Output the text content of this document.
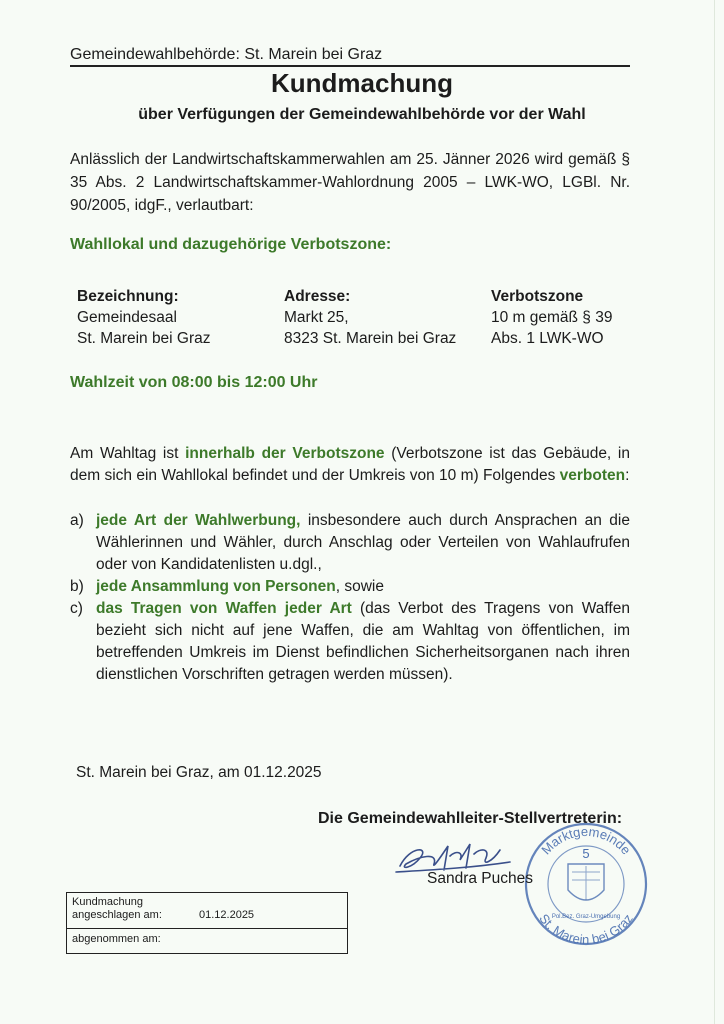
Gemeindewahlbehörde: St. Marein bei Graz
Kundmachung
über Verfügungen der Gemeindewahlbehörde vor der Wahl
Anlässlich der Landwirtschaftskammerwahlen am 25. Jänner 2026 wird gemäß § 35 Abs. 2 Landwirtschaftskammer-Wahlordnung 2005 – LWK-WO, LGBl. Nr. 90/2005, idgF., verlautbart:
Wahllokal und dazugehörige Verbotszone:
Bezeichnung:
Gemeindesaal
St. Marein bei Graz
Adresse:
Markt 25,
8323 St. Marein bei Graz
Verbotszone
10 m gemäß § 39
Abs. 1 LWK-WO
Wahlzeit von 08:00 bis 12:00 Uhr
Am Wahltag ist innerhalb der Verbotszone (Verbotszone ist das Gebäude, in dem sich ein Wahllokal befindet und der Umkreis von 10 m) Folgendes verboten:
a) jede Art der Wahlwerbung, insbesondere auch durch Ansprachen an die Wählerinnen und Wähler, durch Anschlag oder Verteilen von Wahlaufrufen oder von Kandidatenlisten u.dgl.,
b) jede Ansammlung von Personen, sowie
c) das Tragen von Waffen jeder Art (das Verbot des Tragens von Waffen bezieht sich nicht auf jene Waffen, die am Wahltag von öffentlichen, im betreffenden Umkreis im Dienst befindlichen Sicherheitsorganen nach ihren dienstlichen Vorschriften getragen werden müssen).
St. Marein bei Graz, am 01.12.2025
Die Gemeindewahlleiter-Stellvertreterin:
Marktgemeinde
St. Marein bei Graz
5
Pol.Bez. Graz-Umgebung
Sandra Puches
Kundmachung
angeschlagen am:	01.12.2025
abgenommen am:
